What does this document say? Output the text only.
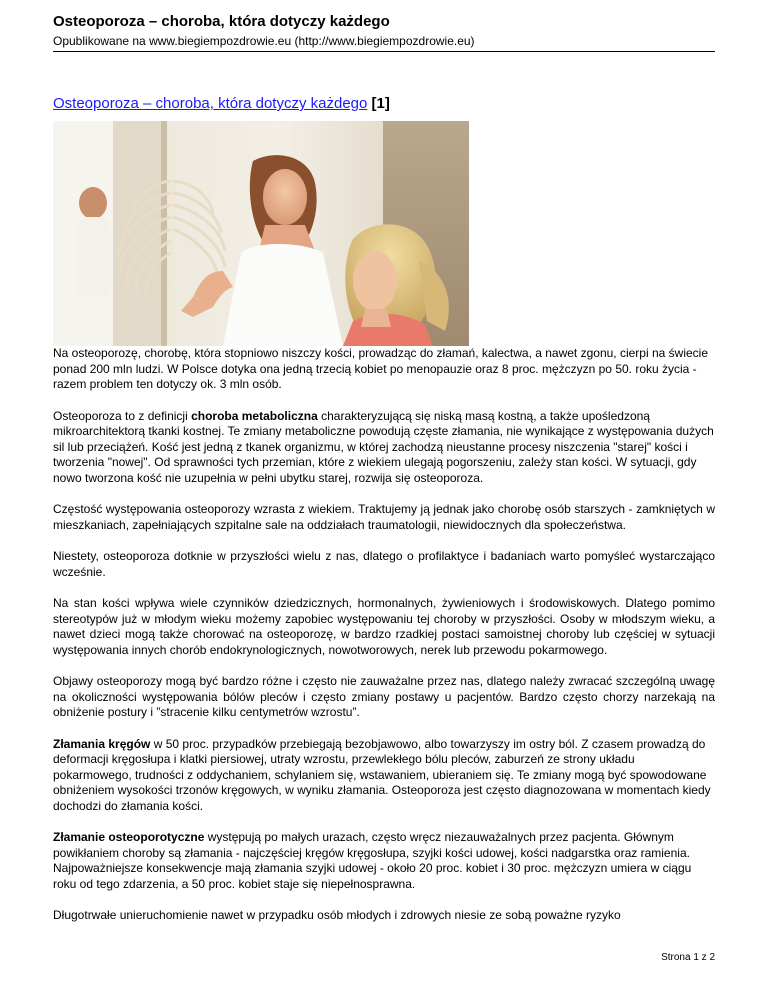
Osteoporoza – choroba, która dotyczy każdego
Opublikowane na www.biegiempozdrowie.eu (http://www.biegiempozdrowie.eu)
Osteoporoza – choroba, która dotyczy każdego [1]

Na osteoporozę, chorobę, która stopniowo niszczy kości, prowadząc do złamań, kalectwa, a nawet zgonu, cierpi na świecie ponad 200 mln ludzi. W Polsce dotyka ona jedną trzecią kobiet po menopauzie oraz 8 proc. mężczyzn po 50. roku życia - razem problem ten dotyczy ok. 3 mln osób.

Osteoporoza to z definicji choroba metaboliczna charakteryzującą się niską masą kostną, a także upośledzoną mikroarchitektorą tkanki kostnej. Te zmiany metaboliczne powodują częste złamania, nie wynikające z występowania dużych sil lub przeciążeń. Kość jest jedną z tkanek organizmu, w której zachodzą nieustanne procesy niszczenia "starej" kości i tworzenia "nowej". Od sprawności tych przemian, które z wiekiem ulegają pogorszeniu, zależy stan kości. W sytuacji, gdy nowo tworzona kość nie uzupełnia w pełni ubytku starej, rozwija się osteoporoza.

Częstość występowania osteoporozy wzrasta z wiekiem. Traktujemy ją jednak jako chorobę osób starszych - zamkniętych w mieszkaniach, zapełniających szpitalne sale na oddziałach traumatologii, niewidocznych dla społeczeństwa.

Niestety, osteoporoza dotknie w przyszłości wielu z nas, dlatego o profilaktyce i badaniach warto pomyśleć wystarczająco wcześnie.

Na stan kości wpływa wiele czynników dziedzicznych, hormonalnych, żywieniowych i środowiskowych. Dlatego pomimo stereotypów już w młodym wieku możemy zapobiec występowaniu tej choroby w przyszłości. Osoby w młodszym wieku, a nawet dzieci mogą także chorować na osteoporozę, w bardzo rzadkiej postaci samoistnej choroby lub częściej w sytuacji występowania innych chorób endokrynologicznych, nowotworowych, nerek lub przewodu pokarmowego.

Objawy osteoporozy mogą być bardzo różne i często nie zauważalne przez nas, dlatego należy zwracać szczególną uwagę na okoliczności występowania bólów pleców i często zmiany postawy u pacjentów. Bardzo często chorzy narzekają na obniżenie postury i ”stracenie kilku centymetrów wzrostu”.

Złamania kręgów w 50 proc. przypadków przebiegają bezobjawowo, albo towarzyszy im ostry ból. Z czasem prowadzą do deformacji kręgosłupa i klatki piersiowej, utraty wzrostu, przewlekłego bólu pleców, zaburzeń ze strony układu pokarmowego, trudności z oddychaniem, schylaniem się, wstawaniem, ubieraniem się. Te zmiany mogą być spowodowane obniżeniem wysokości trzonów kręgowych, w wyniku złamania. Osteoporoza jest często diagnozowana w momentach kiedy dochodzi do złamania kości.

Złamanie osteoporotyczne występują po małych urazach, często wręcz niezauważalnych przez pacjenta. Głównym powikłaniem choroby są złamania - najczęściej kręgów kręgosłupa, szyjki kości udowej, kości nadgarstka oraz ramienia. Najpoważniejsze konsekwencje mają złamania szyjki udowej - około 20 proc. kobiet i 30 proc. mężczyzn umiera w ciągu roku od tego zdarzenia, a 50 proc. kobiet staje się niepełnosprawna.

Długotrwałe unieruchomienie nawet w przypadku osób młodych i zdrowych niesie ze sobą poważne ryzyko

Strona 1 z 2
